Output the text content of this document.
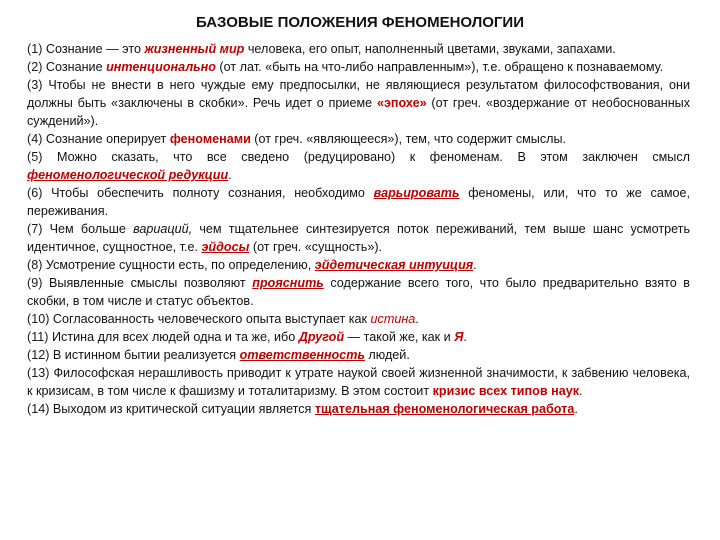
БАЗОВЫЕ ПОЛОЖЕНИЯ ФЕНОМЕНОЛОГИИ

(1) Сознание — это жизненный мир человека, его опыт, наполненный цветами, звуками, запахами.

(2) Сознание интенционально (от лат. «быть на что-либо направленным»), т.е. обращено к познаваемому.

(3) Чтобы не внести в него чуждые ему предпосылки, не являющиеся результатом философствования, они должны быть «заключены в скобки». Речь идет о приеме «эпохе» (от греч. «воздержание от необоснованных суждений»).

(4) Сознание оперирует феноменами (от греч. «являющееся»), тем, что содержит смыслы.

(5) Можно сказать, что все сведено (редуцировано) к феноменам. В этом заключен смысл феноменологической редукции.

(6) Чтобы обеспечить полноту сознания, необходимо варьировать феномены, или, что то же самое, переживания.

(7) Чем больше вариаций, чем тщательнее синтезируется поток переживаний, тем выше шанс усмотреть идентичное, сущностное, т.е. эйдосы (от греч. «сущность»).

(8) Усмотрение сущности есть, по определению, эйдетическая интуиция.

(9) Выявленные смыслы позволяют прояснить содержание всего того, что было предварительно взято в скобки, в том числе и статус объектов.

(10) Согласованность человеческого опыта выступает как истина.

(11) Истина для всех людей одна и та же, ибо Другой — такой же, как и Я.

(12) В истинном бытии реализуется ответственность людей.

(13) Философская нерашливость приводит к утрате наукой своей жизненной значимости, к забвению человека, к кризисам, в том числе к фашизму и тоталитаризму. В этом состоит кризис всех типов наук.

(14) Выходом из критической ситуации является тщательная феноменологическая работа.
